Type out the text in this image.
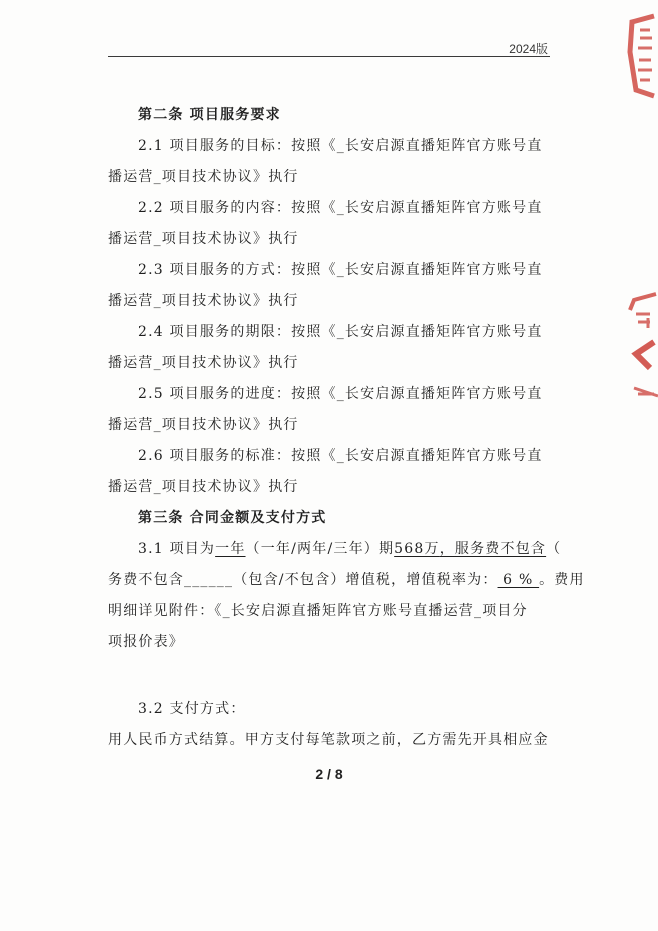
2024版
第二条 项目服务要求
2.1 项目服务的目标：按照《_长安启源直播矩阵官方账号直
播运营_项目技术协议》执行
2.2 项目服务的内容：按照《_长安启源直播矩阵官方账号直
播运营_项目技术协议》执行
2.3 项目服务的方式：按照《_长安启源直播矩阵官方账号直
播运营_项目技术协议》执行
2.4 项目服务的期限：按照《_长安启源直播矩阵官方账号直
播运营_项目技术协议》执行
2.5 项目服务的进度：按照《_长安启源直播矩阵官方账号直
播运营_项目技术协议》执行
2.6 项目服务的标准：按照《_长安启源直播矩阵官方账号直
播运营_项目技术协议》执行
第三条 合同金额及支付方式
3.1 项目为一年（一年/两年/三年）期568万，服务费不包含（
务费不包含______（包含/不包含）增值税，增值税率为： 6 % 。费用
明细详见附件：《_长安启源直播矩阵官方账号直播运营_项目分
项报价表》
3.2 支付方式：
用人民币方式结算。甲方支付每笔款项之前，乙方需先开具相应金
2 / 8
